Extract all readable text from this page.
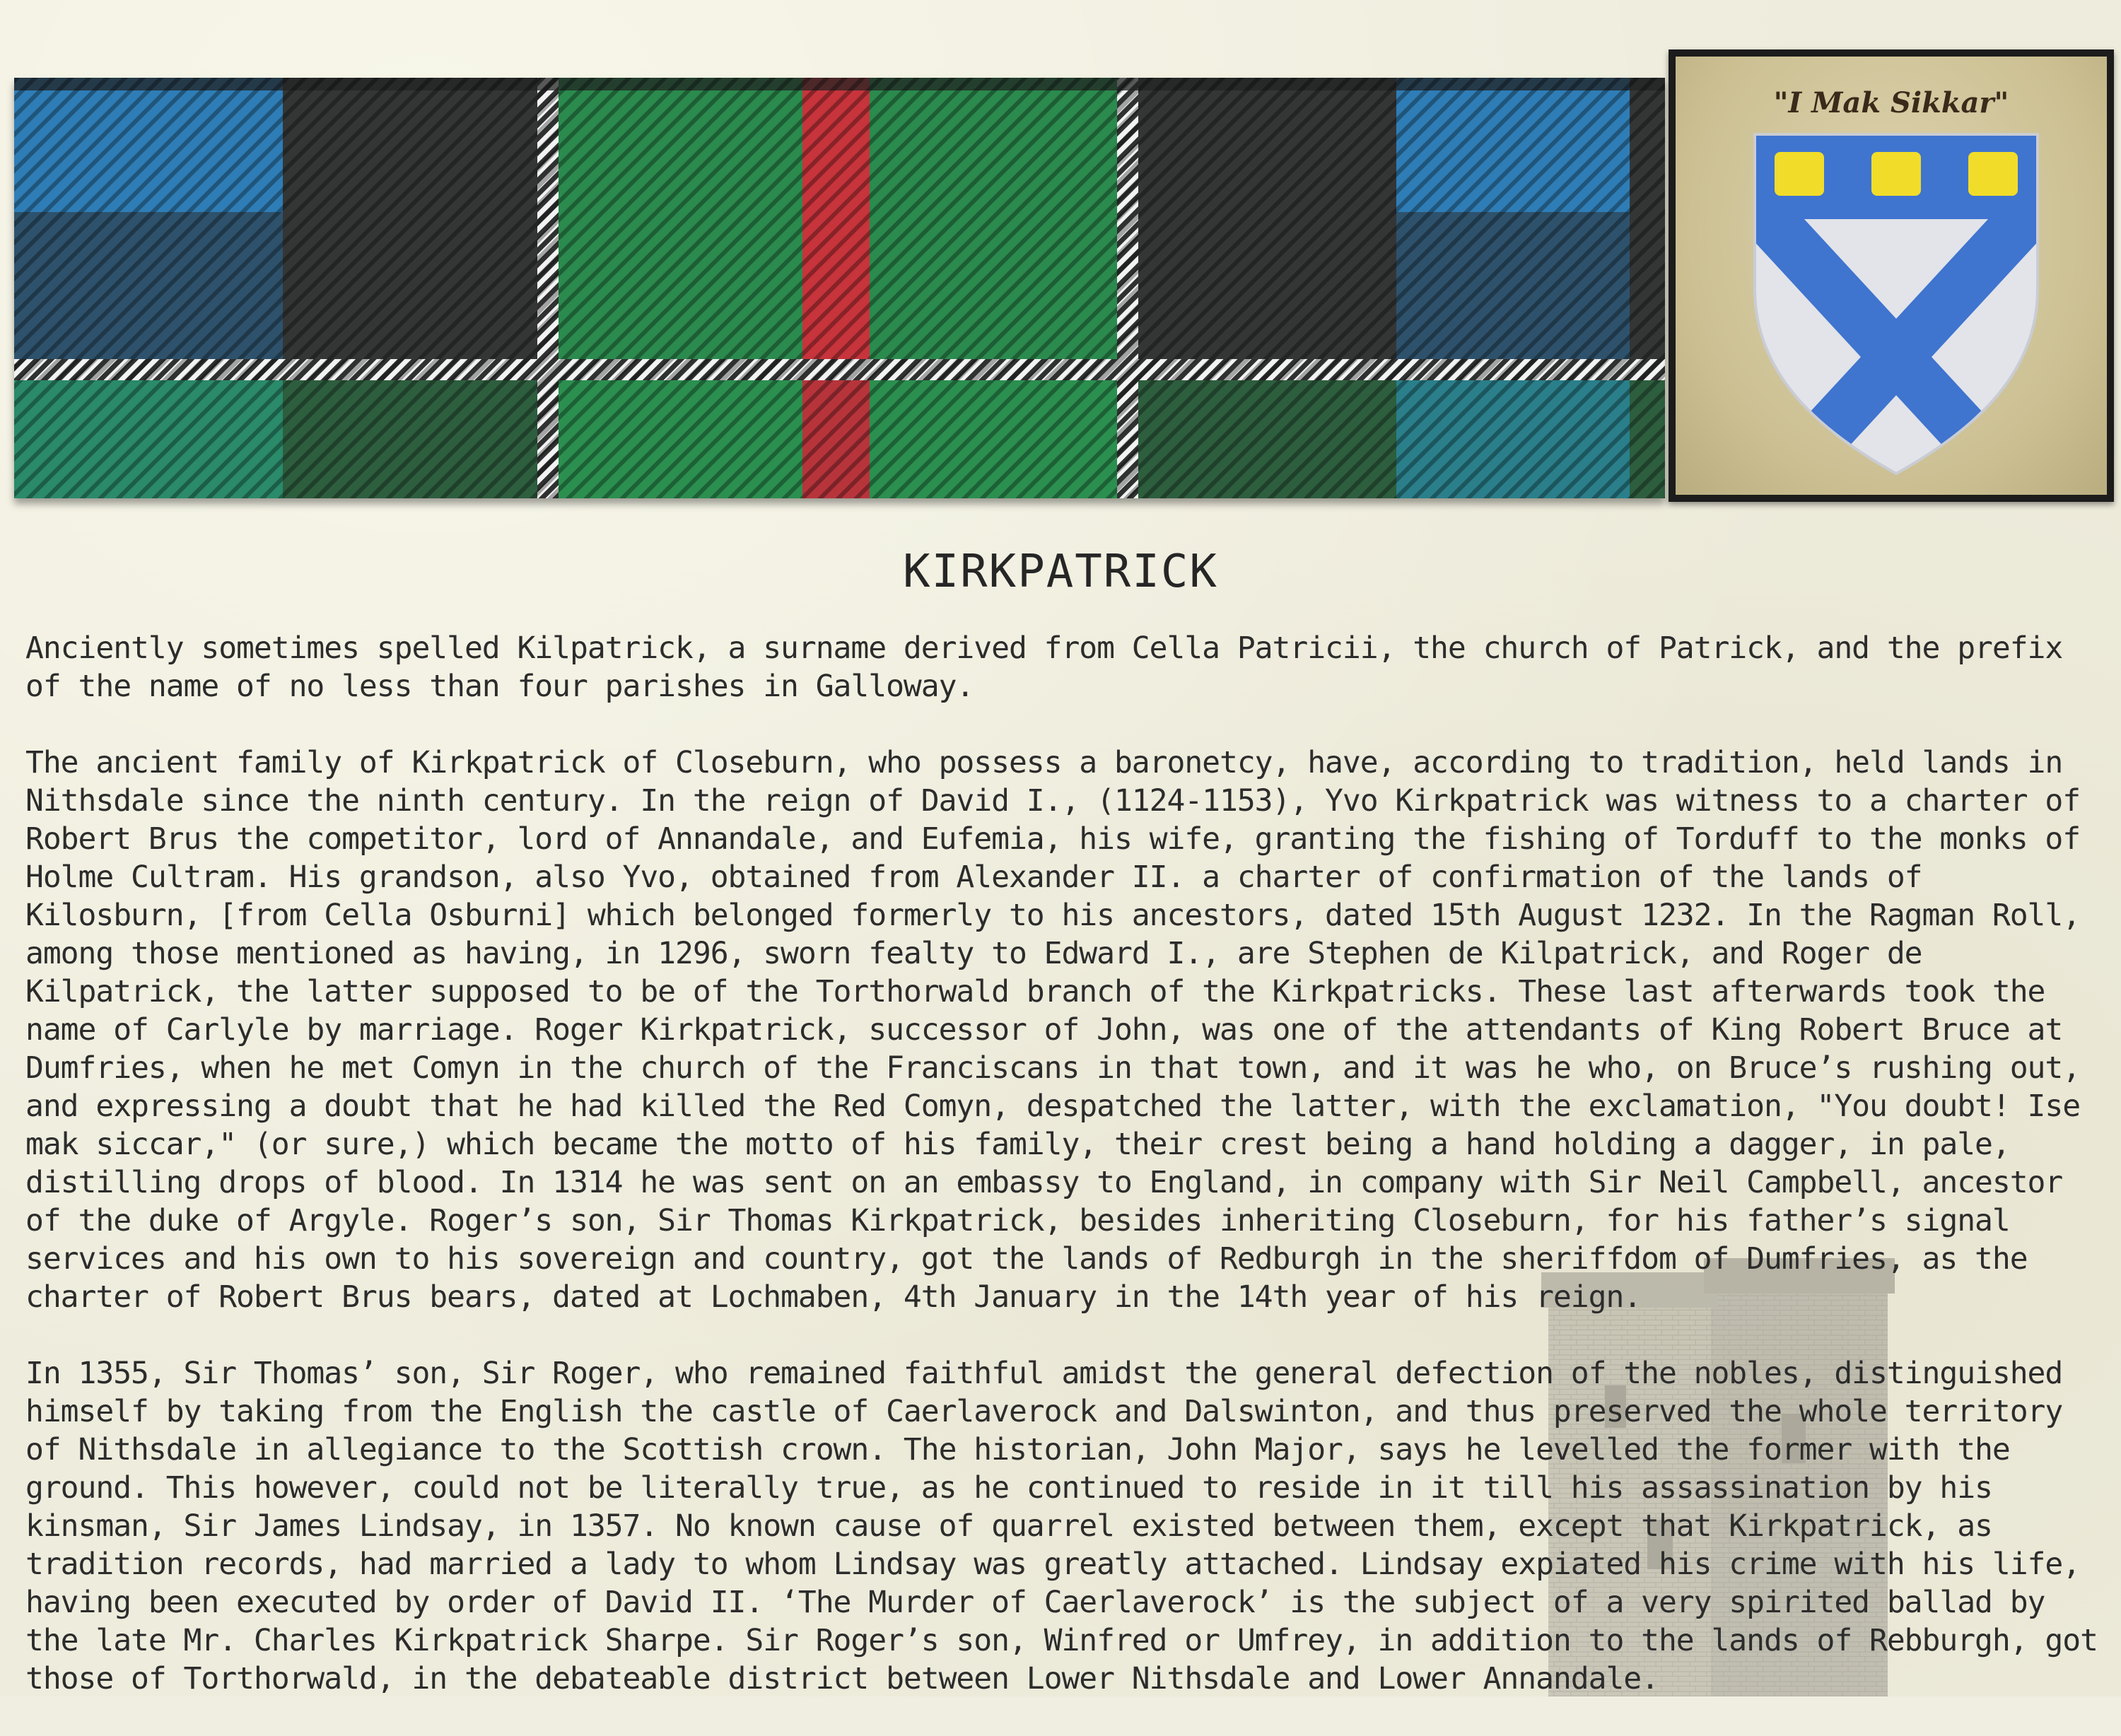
"I Mak Sikkar"
KIRKPATRICK

Anciently sometimes spelled Kilpatrick, a surname derived from Cella Patricii, the church of Patrick, and the prefix of the name of no less than four parishes in Galloway.

The ancient family of Kirkpatrick of Closeburn, who possess a baronetcy, have, according to tradition, held lands in Nithsdale since the ninth century. In the reign of David I., (1124-1153), Yvo Kirkpatrick was witness to a charter of Robert Brus the competitor, lord of Annandale, and Eufemia, his wife, granting the fishing of Torduff to the monks of Holme Cultram. His grandson, also Yvo, obtained from Alexander II. a charter of confirmation of the lands of Kilosburn, [from Cella Osburni] which belonged formerly to his ancestors, dated 15th August 1232. In the Ragman Roll, among those mentioned as having, in 1296, sworn fealty to Edward I., are Stephen de Kilpatrick, and Roger de Kilpatrick, the latter supposed to be of the Torthorwald branch of the Kirkpatricks. These last afterwards took the name of Carlyle by marriage. Roger Kirkpatrick, successor of John, was one of the attendants of King Robert Bruce at Dumfries, when he met Comyn in the church of the Franciscans in that town, and it was he who, on Bruce’s rushing out, and expressing a doubt that he had killed the Red Comyn, despatched the latter, with the exclamation, "You doubt! Ise mak siccar," (or sure,) which became the motto of his family, their crest being a hand holding a dagger, in pale, distilling drops of blood. In 1314 he was sent on an embassy to England, in company with Sir Neil Campbell, ancestor of the duke of Argyle. Roger’s son, Sir Thomas Kirkpatrick, besides inheriting Closeburn, for his father’s signal services and his own to his sovereign and country, got the lands of Redburgh in the sheriffdom of Dumfries, as the charter of Robert Brus bears, dated at Lochmaben, 4th January in the 14th year of his reign.

In 1355, Sir Thomas’ son, Sir Roger, who remained faithful amidst the general defection of the nobles, distinguished himself by taking from the English the castle of Caerlaverock and Dalswinton, and thus preserved the whole territory of Nithsdale in allegiance to the Scottish crown. The historian, John Major, says he levelled the former with the ground. This however, could not be literally true, as he continued to reside in it till his assassination by his kinsman, Sir James Lindsay, in 1357. No known cause of quarrel existed between them, except that Kirkpatrick, as tradition records, had married a lady to whom Lindsay was greatly attached. Lindsay expiated his crime with his life, having been executed by order of David II. ‘The Murder of Caerlaverock’ is the subject of a very spirited ballad by the late Mr. Charles Kirkpatrick Sharpe. Sir Roger’s son, Winfred or Umfrey, in addition to the lands of Rebburgh, got those of Torthorwald, in the debateable district between Lower Nithsdale and Lower Annandale.
